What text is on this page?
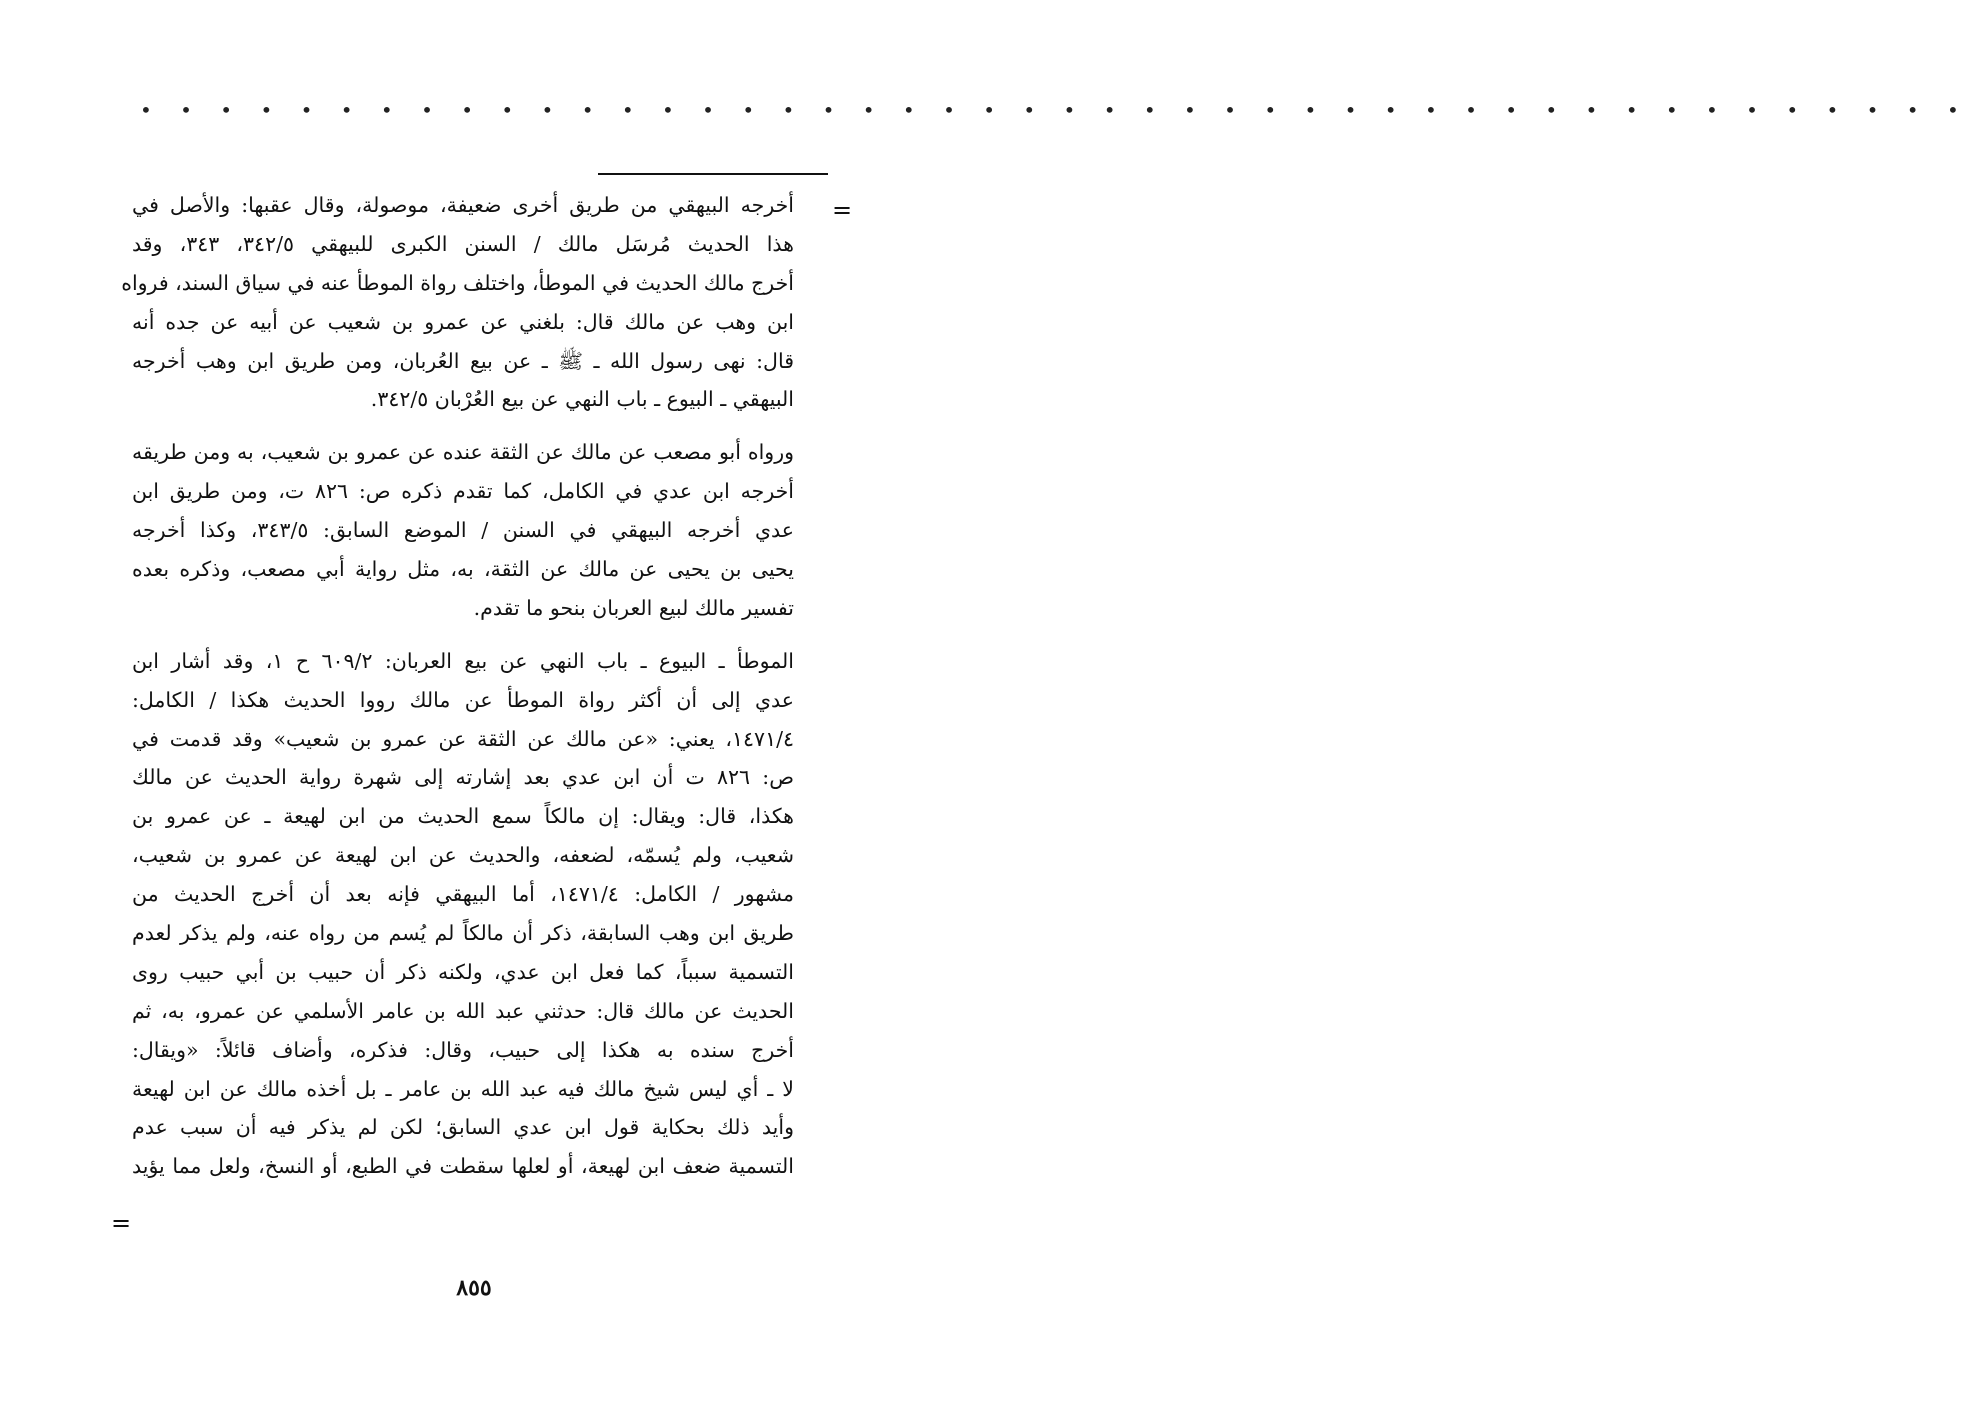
• • • • • • • • • • • • • • • • • • • • • • • • • • • • • • • • • • • • • • • • • • • • • •
=
أخرجه البيهقي من طريق أخرى ضعيفة، موصولة، وقال عقبها: والأصل في
هذا الحديث مُرسَل مالك / السنن الكبرى للبيهقي ٣٤٢/٥، ٣٤٣، وقد
أخرج مالك الحديث في الموطأ، واختلف رواة الموطأ عنه في سياق السند، فرواه
ابن وهب عن مالك قال: بلغني عن عمرو بن شعيب عن أبيه عن جده أنه
قال: نهى رسول الله ـ ﷺ ـ عن بيع العُربان، ومن طريق ابن وهب أخرجه
البيهقي ـ البيوع ـ باب النهي عن بيع العُرْبان ٣٤٢/٥.
ورواه أبو مصعب عن مالك عن الثقة عنده عن عمرو بن شعيب، به ومن طريقه
أخرجه ابن عدي في الكامل، كما تقدم ذكره ص: ٨٢٦ ت، ومن طريق ابن
عدي أخرجه البيهقي في السنن / الموضع السابق: ٣٤٣/٥، وكذا أخرجه
يحيى بن يحيى عن مالك عن الثقة، به، مثل رواية أبي مصعب، وذكره بعده
تفسير مالك لبيع العربان بنحو ما تقدم.
الموطأ ـ البيوع ـ باب النهي عن بيع العربان: ٦٠٩/٢ ح ١، وقد أشار ابن
عدي إلى أن أكثر رواة الموطأ عن مالك رووا الحديث هكذا / الكامل:
١٤٧١/٤، يعني: «عن مالك عن الثقة عن عمرو بن شعيب» وقد قدمت في
ص: ٨٢٦ ت أن ابن عدي بعد إشارته إلى شهرة رواية الحديث عن مالك
هكذا، قال: ويقال: إن مالكاً سمع الحديث من ابن لهيعة ـ عن عمرو بن
شعيب، ولم يُسمّه، لضعفه، والحديث عن ابن لهيعة عن عمرو بن شعيب،
مشهور / الكامل: ١٤٧١/٤، أما البيهقي فإنه بعد أن أخرج الحديث من
طريق ابن وهب السابقة، ذكر أن مالكاً لم يُسم من رواه عنه، ولم يذكر لعدم
التسمية سبباً، كما فعل ابن عدي، ولكنه ذكر أن حبيب بن أبي حبيب روى
الحديث عن مالك قال: حدثني عبد الله بن عامر الأسلمي عن عمرو، به، ثم
أخرج سنده به هكذا إلى حبيب، وقال: فذكره، وأضاف قائلاً: «ويقال:
لا ـ أي ليس شيخ مالك فيه عبد الله بن عامر ـ بل أخذه مالك عن ابن لهيعة
وأيد ذلك بحكاية قول ابن عدي السابق؛ لكن لم يذكر فيه أن سبب عدم
التسمية ضعف ابن لهيعة، أو لعلها سقطت في الطبع، أو النسخ، ولعل مما يؤيد
=
٨٥٥
